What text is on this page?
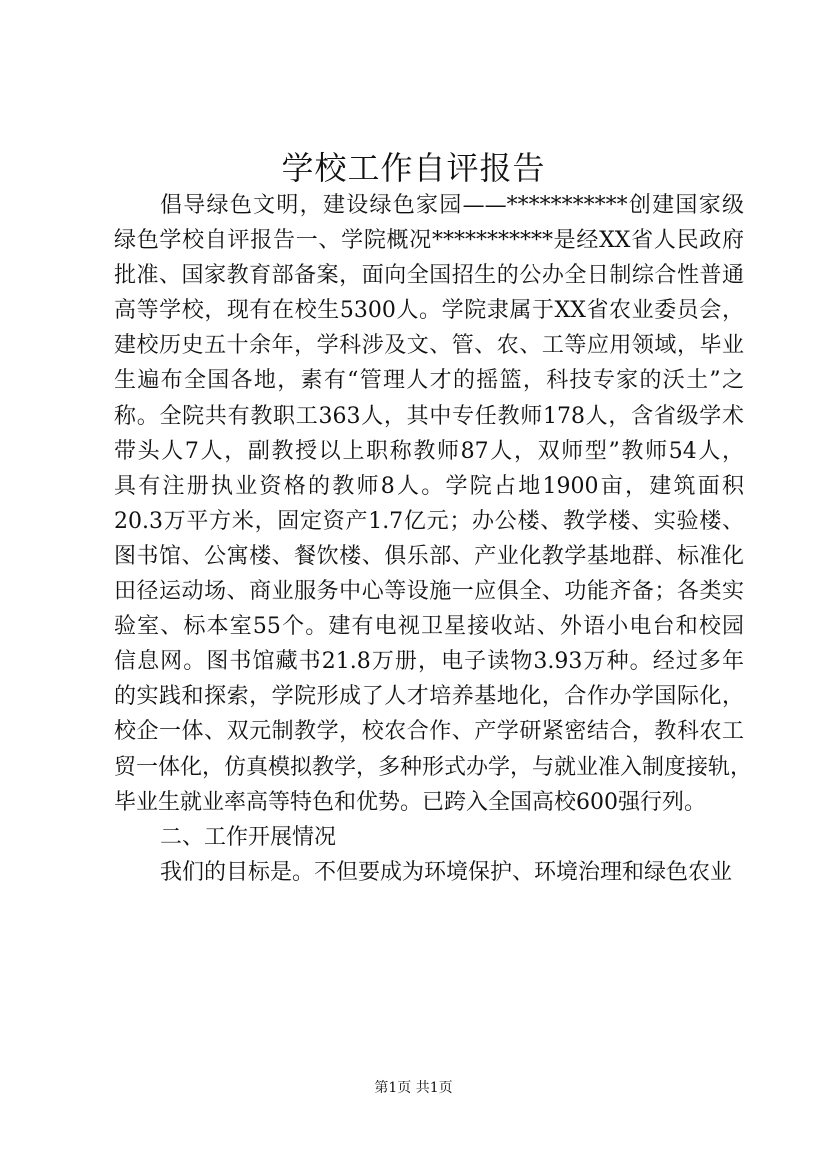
学校工作自评报告
倡导绿色文明，建设绿色家园——***********创建国家级
绿色学校自评报告一、学院概况***********是经XX省人民政府
批准、国家教育部备案，面向全国招生的公办全日制综合性普通
高等学校，现有在校生5300人。学院隶属于XX省农业委员会，
建校历史五十余年，学科涉及文、管、农、工等应用领域，毕业
生遍布全国各地，素有“管理人才的摇篮，科技专家的沃土”之
称。全院共有教职工363人，其中专任教师178人，含省级学术
带头人7人，副教授以上职称教师87人，双师型”教师54人，
具有注册执业资格的教师8人。学院占地1900亩，建筑面积
20.3万平方米，固定资产1.7亿元；办公楼、教学楼、实验楼、
图书馆、公寓楼、餐饮楼、俱乐部、产业化教学基地群、标准化
田径运动场、商业服务中心等设施一应俱全、功能齐备；各类实
验室、标本室55个。建有电视卫星接收站、外语小电台和校园
信息网。图书馆藏书21.8万册，电子读物3.93万种。经过多年
的实践和探索，学院形成了人才培养基地化，合作办学国际化，
校企一体、双元制教学，校农合作、产学研紧密结合，教科农工
贸一体化，仿真模拟教学，多种形式办学，与就业准入制度接轨，
毕业生就业率高等特色和优势。已跨入全国高校600强行列。
二、工作开展情况
我们的目标是。不但要成为环境保护、环境治理和绿色农业
第1页 共1页
